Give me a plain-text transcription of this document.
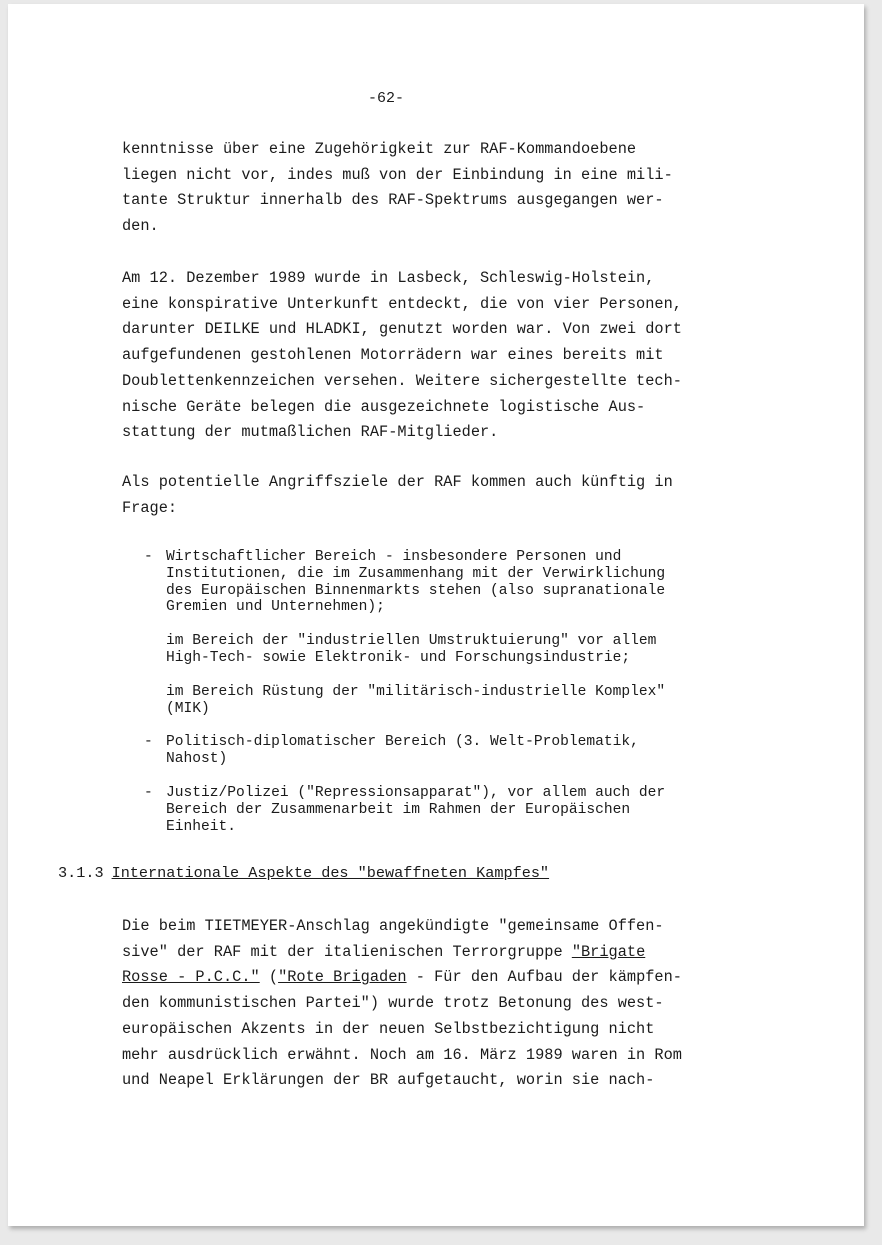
-62-
kenntnisse über eine Zugehörigkeit zur RAF-Kommandoebene
liegen nicht vor, indes muß von der Einbindung in eine mili-
tante Struktur innerhalb des RAF-Spektrums ausgegangen wer-
den.
Am 12. Dezember 1989 wurde in Lasbeck, Schleswig-Holstein,
eine konspirative Unterkunft entdeckt, die von vier Personen,
darunter DEILKE und HLADKI, genutzt worden war. Von zwei dort
aufgefundenen gestohlenen Motorrädern war eines bereits mit
Doublettenkennzeichen versehen. Weitere sichergestellte tech-
nische Geräte belegen die ausgezeichnete logistische Aus-
stattung der mutmaßlichen RAF-Mitglieder.
Als potentielle Angriffsziele der RAF kommen auch künftig in
Frage:
- Wirtschaftlicher Bereich - insbesondere Personen und
Institutionen, die im Zusammenhang mit der Verwirklichung
des Europäischen Binnenmarkts stehen (also supranationale
Gremien und Unternehmen);
im Bereich der "industriellen Umstruktuierung" vor allem
High-Tech- sowie Elektronik- und Forschungsindustrie;
im Bereich Rüstung der "militärisch-industrielle Komplex"
(MIK)
- Politisch-diplomatischer Bereich (3. Welt-Problematik,
Nahost)
- Justiz/Polizei ("Repressionsapparat"), vor allem auch der
Bereich der Zusammenarbeit im Rahmen der Europäischen
Einheit.
3.1.3 Internationale Aspekte des "bewaffneten Kampfes"
Die beim TIETMEYER-Anschlag angekündigte "gemeinsame Offen-
sive" der RAF mit der italienischen Terrorgruppe "Brigate
Rosse - P.C.C." ("Rote Brigaden - Für den Aufbau der kämpfen-
den kommunistischen Partei") wurde trotz Betonung des west-
europäischen Akzents in der neuen Selbstbezichtigung nicht
mehr ausdrücklich erwähnt. Noch am 16. März 1989 waren in Rom
und Neapel Erklärungen der BR aufgetaucht, worin sie nach-
